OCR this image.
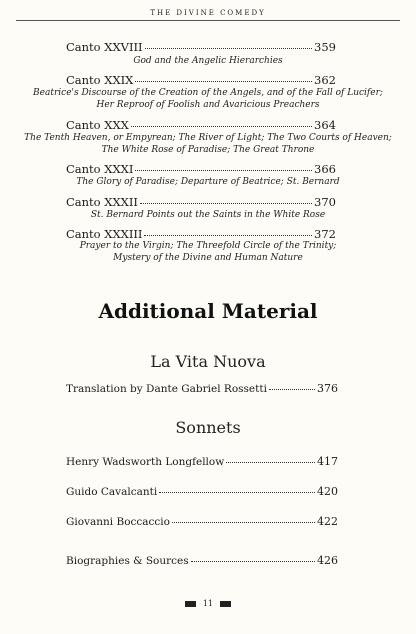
THE DIVINE COMEDY
Canto XXVIII	359
God and the Angelic Hierarchies
Canto XXIX	362
Beatrice's Discourse of the Creation of the Angels, and of the Fall of Lucifer;
Her Reproof of Foolish and Avaricious Preachers
Canto XXX	364
The Tenth Heaven, or Empyrean; The River of Light; The Two Courts of Heaven;
The White Rose of Paradise; The Great Throne
Canto XXXI	366
The Glory of Paradise; Departure of Beatrice; St. Bernard
Canto XXXII	370
St. Bernard Points out the Saints in the White Rose
Canto XXXIII	372
Prayer to the Virgin; The Threefold Circle of the Trinity;
Mystery of the Divine and Human Nature
Additional Material
La Vita Nuova
Translation by Dante Gabriel Rossetti	376
Sonnets
Henry Wadsworth Longfellow	417
Guido Cavalcanti	420
Giovanni Boccaccio	422
Biographies & Sources	426
11
